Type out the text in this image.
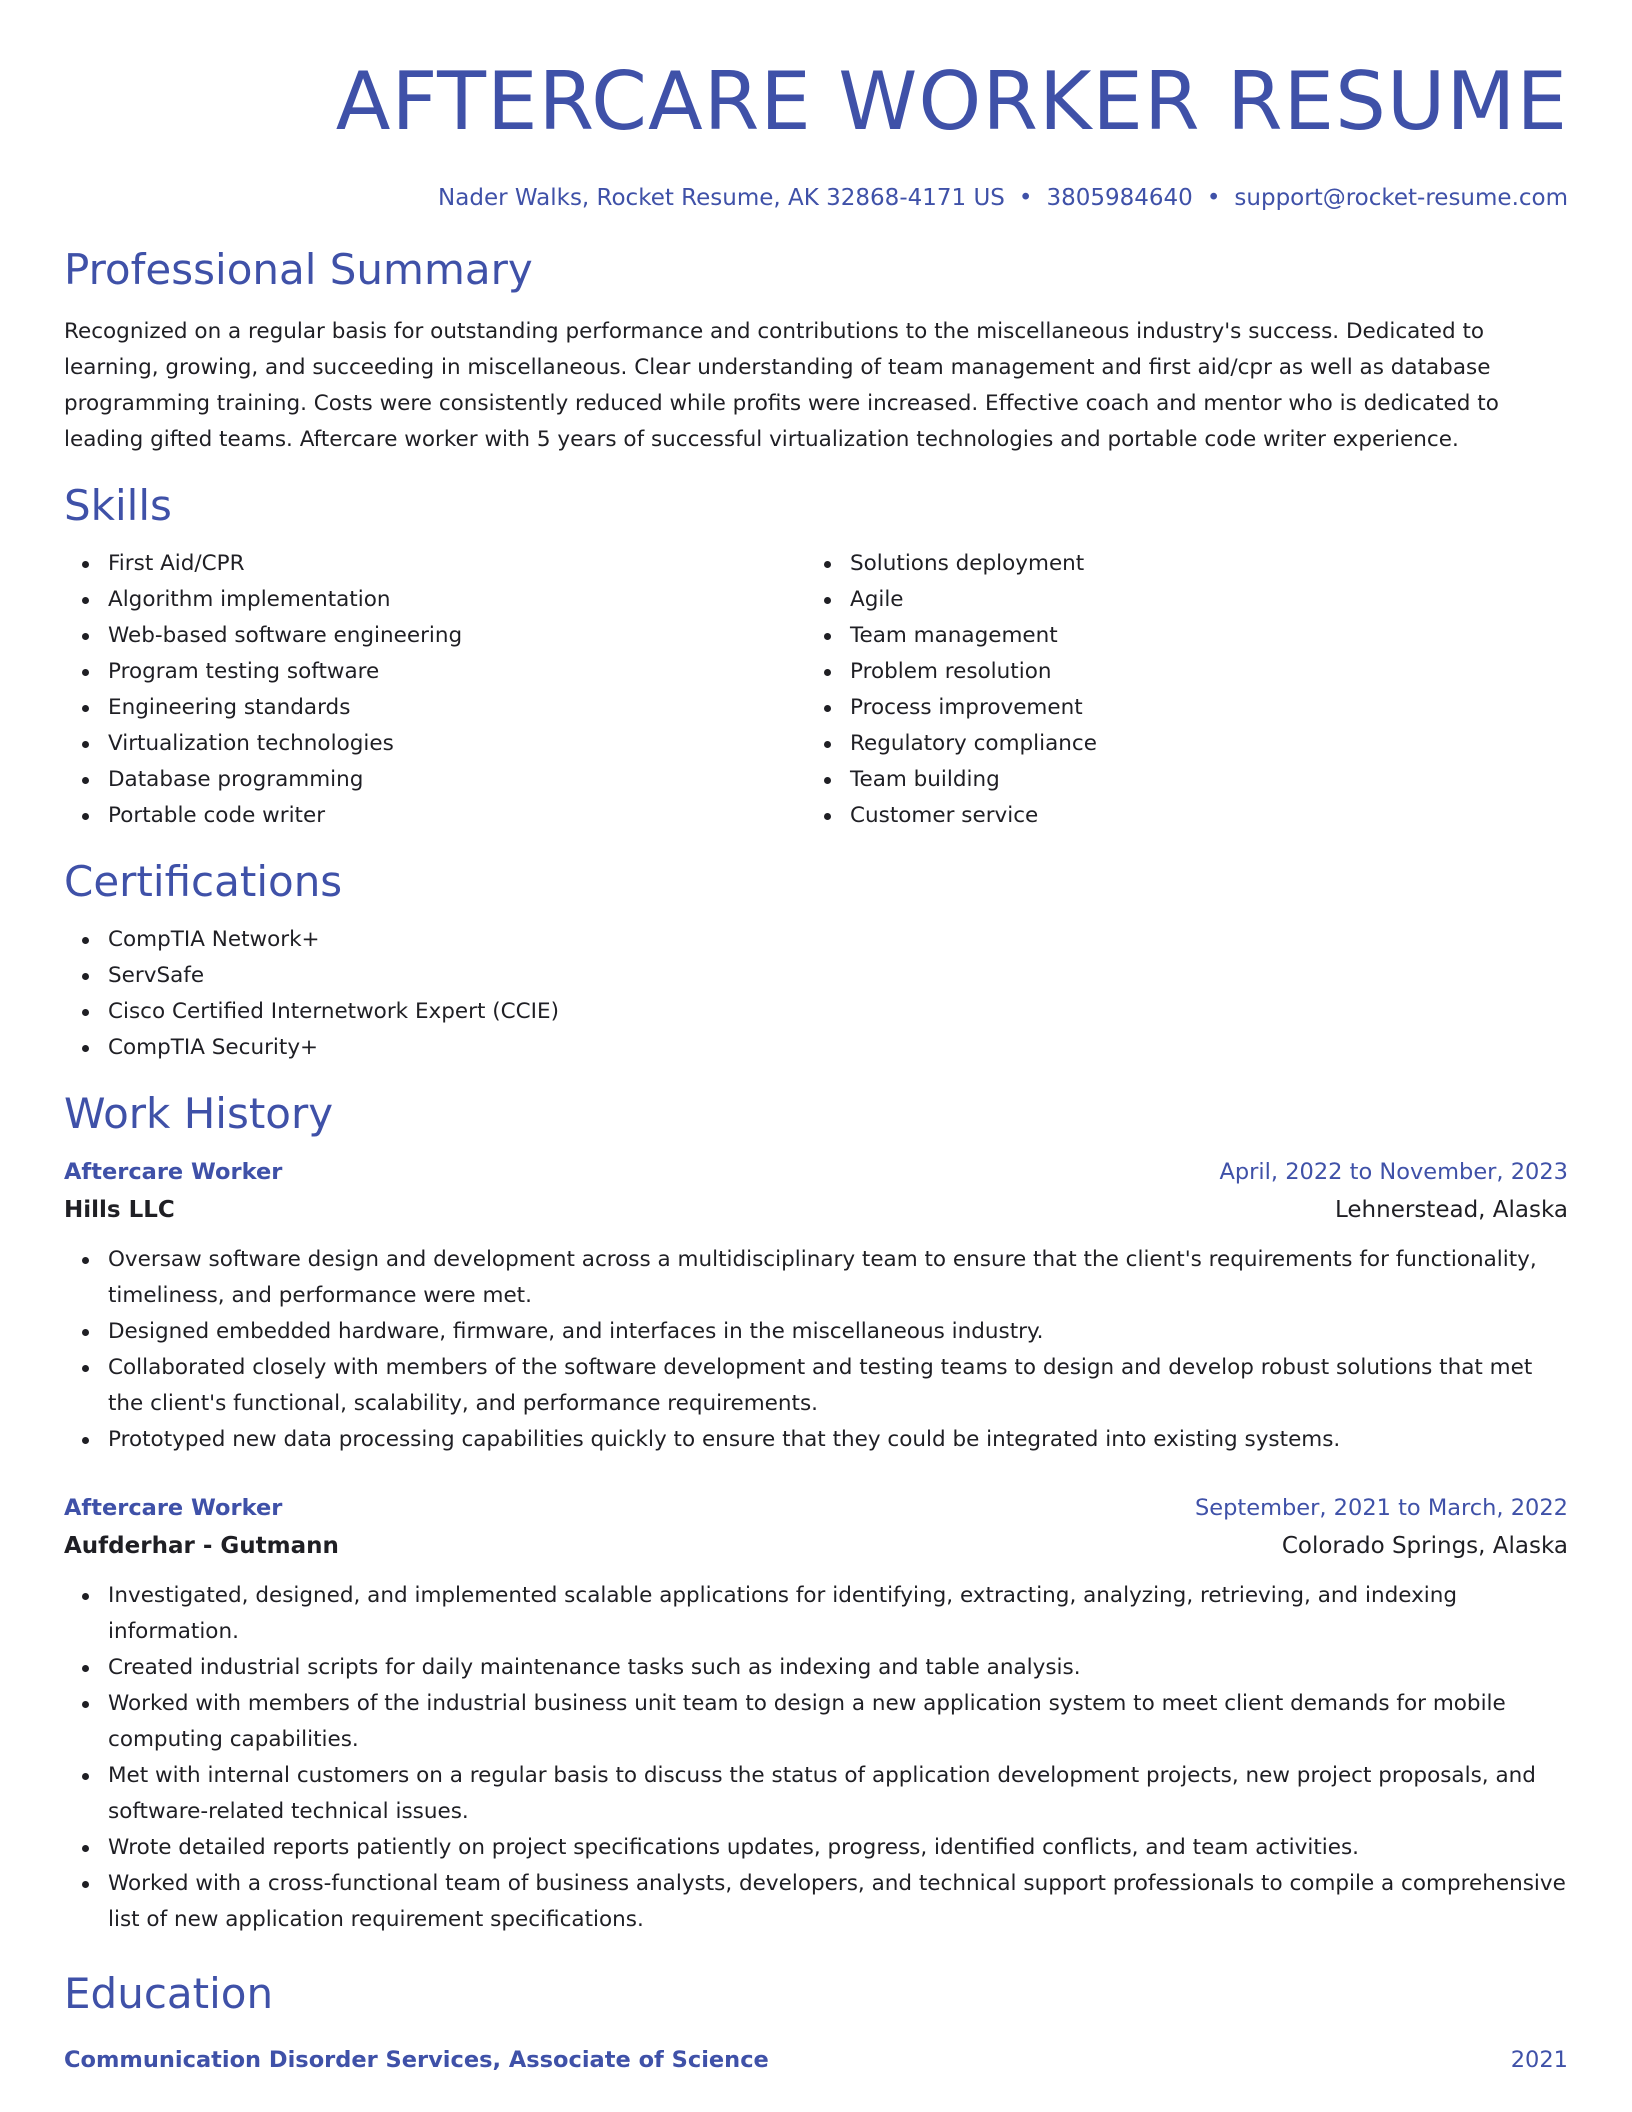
AFTERCARE WORKER RESUME
Nader Walks, Rocket Resume, AK 32868-4171 US • 3805984640 • support@rocket-resume.com
Professional Summary

Recognized on a regular basis for outstanding performance and contributions to the miscellaneous industry's success. Dedicated to learning, growing, and succeeding in miscellaneous. Clear understanding of team management and first aid/cpr as well as database programming training. Costs were consistently reduced while profits were increased. Effective coach and mentor who is dedicated to leading gifted teams. Aftercare worker with 5 years of successful virtualization technologies and portable code writer experience.

Skills
First Aid/CPR
Algorithm implementation
Web-based software engineering
Program testing software
Engineering standards
Virtualization technologies
Database programming
Portable code writer
Solutions deployment
Agile
Team management
Problem resolution
Process improvement
Regulatory compliance
Team building
Customer service
Certifications
CompTIA Network+
ServSafe
Cisco Certified Internetwork Expert (CCIE)
CompTIA Security+
Work History
Aftercare Worker	April, 2022 to November, 2023
Hills LLC	Lehnerstead, Alaska
Oversaw software design and development across a multidisciplinary team to ensure that the client's requirements for functionality, timeliness, and performance were met.
Designed embedded hardware, firmware, and interfaces in the miscellaneous industry.
Collaborated closely with members of the software development and testing teams to design and develop robust solutions that met the client's functional, scalability, and performance requirements.
Prototyped new data processing capabilities quickly to ensure that they could be integrated into existing systems.
Aftercare Worker	September, 2021 to March, 2022
Aufderhar - Gutmann	Colorado Springs, Alaska
Investigated, designed, and implemented scalable applications for identifying, extracting, analyzing, retrieving, and indexing information.
Created industrial scripts for daily maintenance tasks such as indexing and table analysis.
Worked with members of the industrial business unit team to design a new application system to meet client demands for mobile computing capabilities.
Met with internal customers on a regular basis to discuss the status of application development projects, new project proposals, and software-related technical issues.
Wrote detailed reports patiently on project specifications updates, progress, identified conflicts, and team activities.
Worked with a cross-functional team of business analysts, developers, and technical support professionals to compile a comprehensive list of new application requirement specifications.
Education
Communication Disorder Services, Associate of Science	2021
